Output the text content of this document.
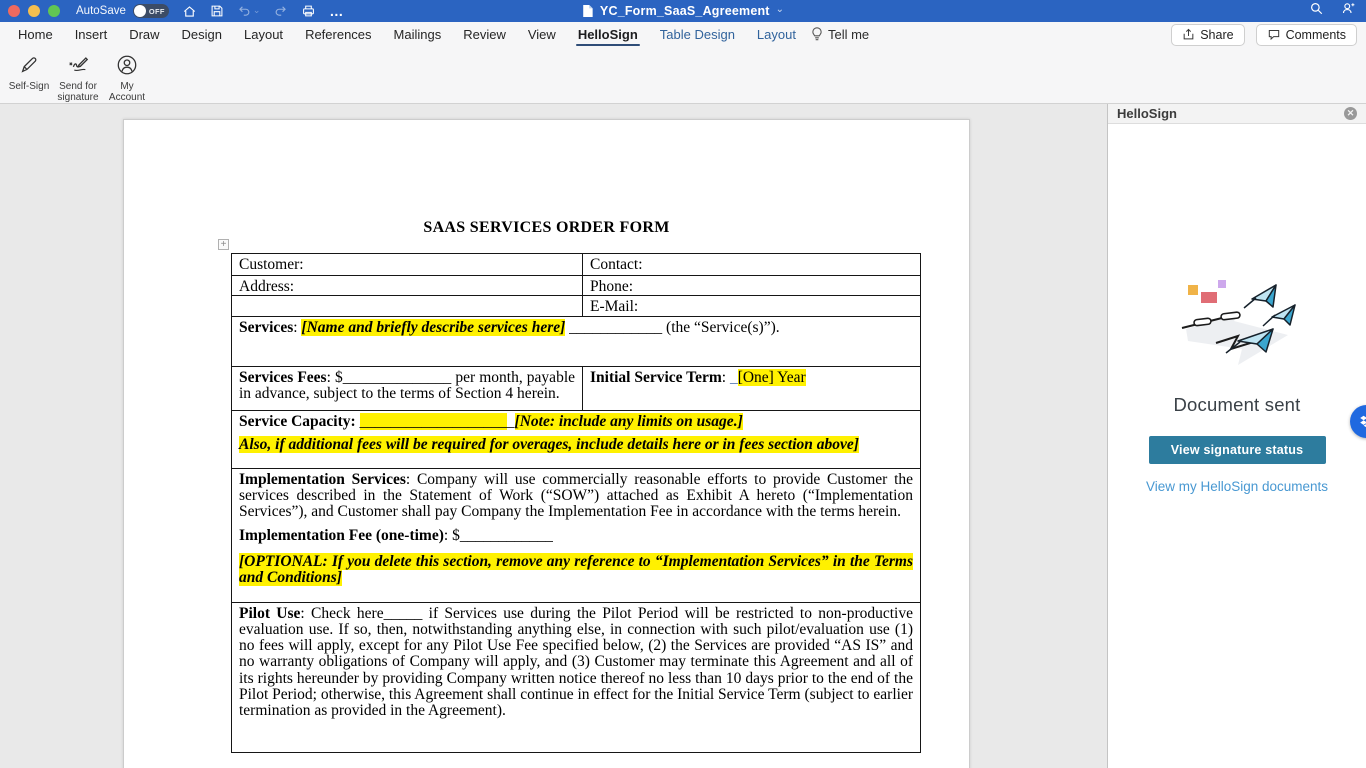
AutoSave	OFF	⌄	…	YC_Form_SaaS_Agreement ⌄
Home	Insert	Draw	Design	Layout	References	Mailings	Review	View	HelloSign	Table Design	Layout	Tell me	Share	Comments
Self-Sign Send for signature
My Account
SAAS SERVICES ORDER FORM
+
Customer:	Contact:
Address:	Phone:
	E-Mail:
Services: [Name and briefly describe services here] ____________ (the “Service(s)”).	
Services Fees: $______________ per month, payable in advance, subject to the terms of Section 4 herein.	Initial Service Term: _[One] Year

Service Capacity: ____________________[Note: include any limits on usage.]
Also, if additional fees will be required for overages, include details here or in fees section above]	

Implementation Services: Company will use commercially reasonable efforts to provide Customer the services described in the Statement of Work (“SOW”) attached as Exhibit A hereto (“Implementation Services”), and Customer shall pay Company the Implementation Fee in accordance with the terms herein.
Implementation Fee (one-time): $____________
[OPTIONAL: If you delete this section, remove any reference to “Implementation Services” in the Terms and Conditions]	

Pilot Use: Check here_____ if Services use during the Pilot Period will be restricted to non-productive evaluation use. If so, then, notwithstanding anything else, in connection with such pilot/evaluation use (1) no fees will apply, except for any Pilot Use Fee specified below, (2) the Services are provided “AS IS” and no warranty obligations of Company will apply, and (3) Customer may terminate this Agreement and all of its rights hereunder by providing Company written notice thereof no less than 10 days prior to the end of the Pilot Period; otherwise, this Agreement shall continue in effect for the Initial Service Term (subject to earlier termination as provided in the Agreement).	
HelloSign	✕
Document sent
View signature status
View my HelloSign documents
